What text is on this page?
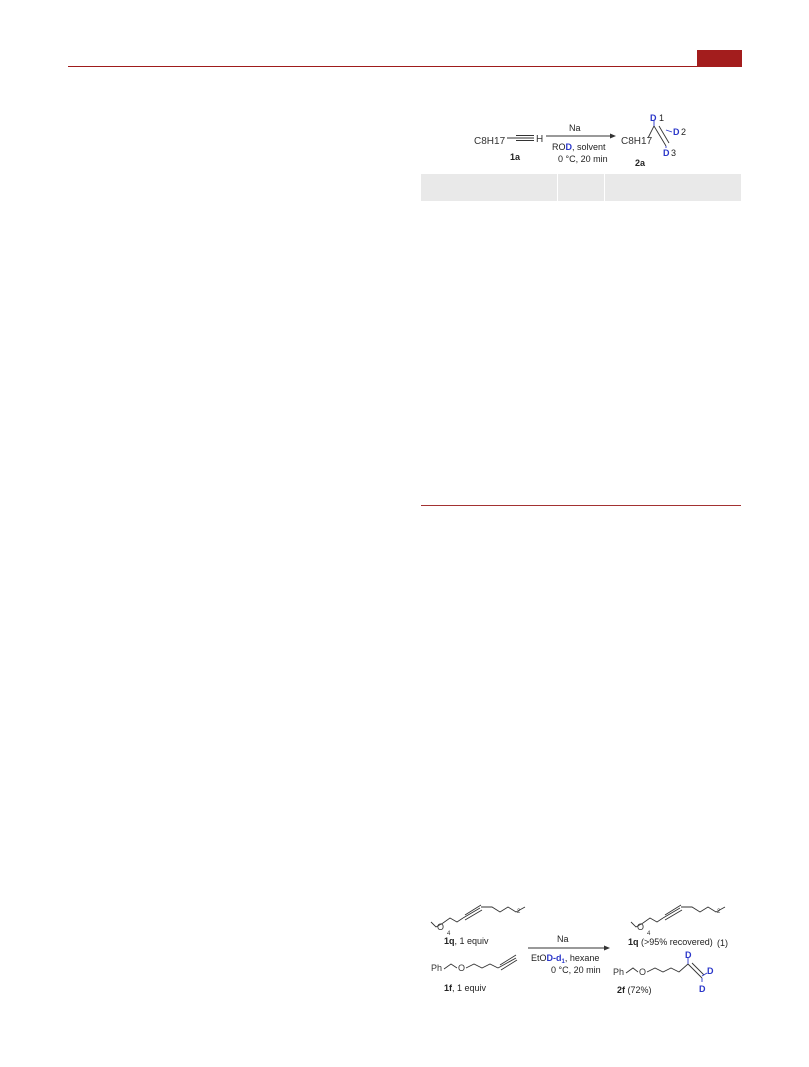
C8H17	H
1a
Na
ROD, solvent
0 °C, 20 min
C8H17
D 1
D 2
D 3
2a
O
4
2
1q, 1 equiv
Ph O
1f, 1 equiv
Na
EtOD-$d_1$, hexane
0 °C, 20 min
O
4
2
1q (>95% recovered) (1)
Ph O
D
D
D
2f (72%)
